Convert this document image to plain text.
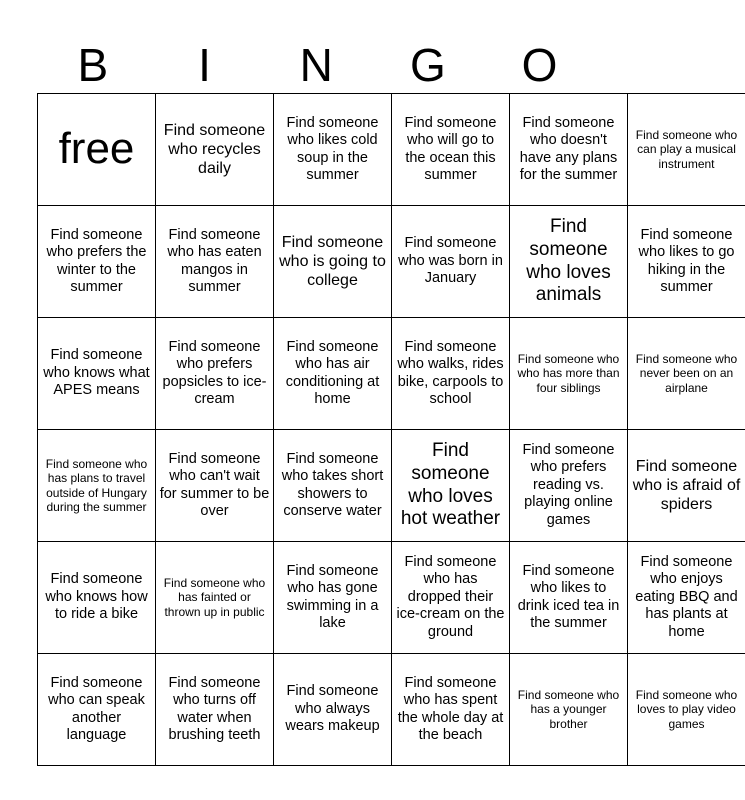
B	I	N	G	O
free	Find someone who recycles daily	Find someone who likes cold soup in the summer	Find someone who will go to the ocean this summer	Find someone who doesn't have any plans for the summer	Find someone who can play a musical instrument
Find someone who prefers the winter to the summer	Find someone who has eaten mangos in summer	Find someone who is going to college	Find someone who was born in January	Find someone who loves animals	Find someone who likes to go hiking in the summer
Find someone who knows what APES means	Find someone who prefers popsicles to ice-cream	Find someone who has air conditioning at home	Find someone who walks, rides bike, carpools to school	Find someone who who has more than four siblings	Find someone who never been on an airplane
Find someone who has plans to travel outside of Hungary during the summer	Find someone who can't wait for summer to be over	Find someone who takes short showers to conserve water	Find someone who loves hot weather	Find someone who prefers reading vs. playing online games	Find someone who is afraid of spiders
Find someone who knows how to ride a bike	Find someone who has fainted or thrown up in public	Find someone who has gone swimming in a lake	Find someone who has dropped their ice-cream on the ground	Find someone who likes to drink iced tea in the summer	Find someone who enjoys eating BBQ and has plants at home
Find someone who can speak another language	Find someone who turns off water when brushing teeth	Find someone who always wears makeup	Find someone who has spent the whole day at the beach	Find someone who has a younger brother	Find someone who loves to play video games
